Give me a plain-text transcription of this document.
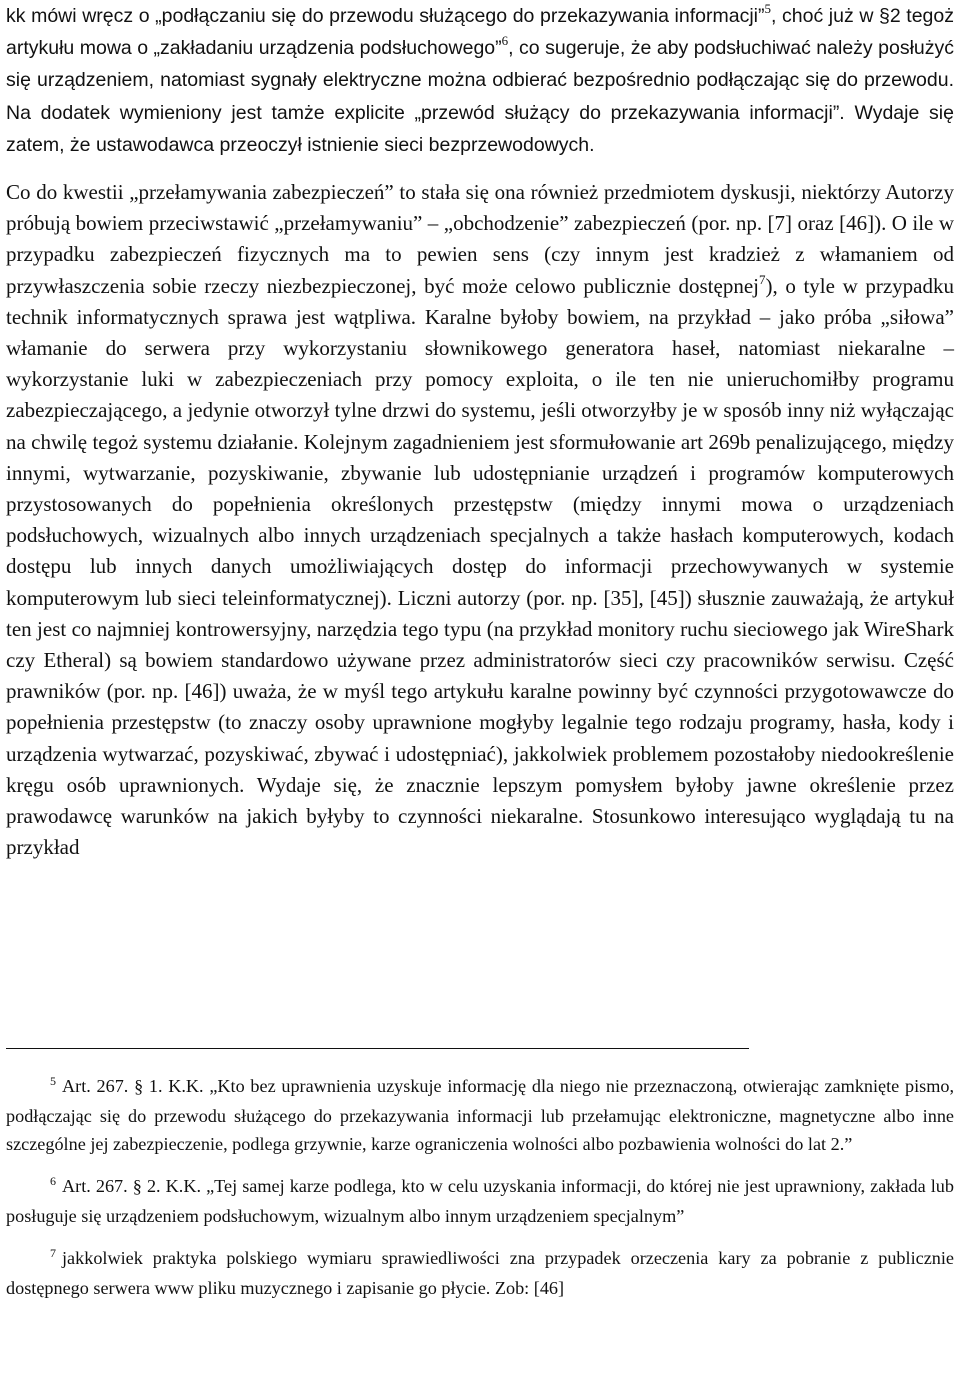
kk mówi wręcz o „podłączaniu się do przewodu służącego do przekazywania informacji”$^5$, choć już w §2 tegoż artykułu mowa o „zakładaniu urządzenia podsłuchowego”$^6$, co sugeruje, że aby podsłuchiwać należy posłużyć się urządzeniem, natomiast sygnały elektryczne można odbierać bezpośrednio podłączając się do przewodu. Na dodatek wymieniony jest tamże explicite „przewód służący do przekazywania informacji”. Wydaje się zatem, że ustawodawca przeoczył istnienie sieci bezprzewodowych.

Co do kwestii „przełamywania zabezpieczeń” to stała się ona również przedmiotem dyskusji, niektórzy Autorzy próbują bowiem przeciwstawić „przełamywaniu” – „obchodzenie” zabezpieczeń (por. np. [7] oraz [46]). O ile w przypadku zabezpieczeń fizycznych ma to pewien sens (czy innym jest kradzież z włamaniem od przywłaszczenia sobie rzeczy niezbezpieczonej, być może celowo publicznie dostępnej$^7$), o tyle w przypadku technik informatycznych sprawa jest wątpliwa. Karalne byłoby bowiem, na przykład – jako próba „siłowa” włamanie do serwera przy wykorzystaniu słownikowego generatora haseł, natomiast niekaralne – wykorzystanie luki w zabezpieczeniach przy pomocy exploita, o ile ten nie unieruchomiłby programu zabezpieczającego, a jedynie otworzył tylne drzwi do systemu, jeśli otworzyłby je w sposób inny niż wyłączając na chwilę tegoż systemu działanie. Kolejnym zagadnieniem jest sformułowanie art 269b penalizującego, między innymi, wytwarzanie, pozyskiwanie, zbywanie lub udostępnianie urządzeń i programów komputerowych przystosowanych do popełnienia określonych przestępstw (między innymi mowa o urządzeniach podsłuchowych, wizualnych albo innych urządzeniach specjalnych a także hasłach komputerowych, kodach dostępu lub innych danych umożliwiających dostęp do informacji przechowywanych w systemie komputerowym lub sieci teleinformatycznej). Liczni autorzy (por. np. [35], [45]) słusznie zauważają, że artykuł ten jest co najmniej kontrowersyjny, narzędzia tego typu (na przykład monitory ruchu sieciowego jak WireShark czy Etheral) są bowiem standardowo używane przez administratorów sieci czy pracowników serwisu. Część prawników (por. np. [46]) uważa, że w myśl tego artykułu karalne powinny być czynności przygotowawcze do popełnienia przestępstw (to znaczy osoby uprawnione mogłyby legalnie tego rodzaju programy, hasła, kody i urządzenia wytwarzać, pozyskiwać, zbywać i udostępniać), jakkolwiek problemem pozostałoby niedookreślenie kręgu osób uprawnionych. Wydaje się, że znacznie lepszym pomysłem byłoby jawne określenie przez prawodawcę warunków na jakich byłyby to czynności niekaralne. Stosunkowo interesująco wyglądają tu na przykład

$^5$ Art. 267. § 1. K.K. „Kto bez uprawnienia uzyskuje informację dla niego nie przeznaczoną, otwierając zamknięte pismo, podłączając się do przewodu służącego do przekazywania informacji lub przełamując elektroniczne, magnetyczne albo inne szczególne jej zabezpieczenie, podlega grzywnie, karze ograniczenia wolności albo pozbawienia wolności do lat 2.”

$^6$ Art. 267. § 2. K.K. „Tej samej karze podlega, kto w celu uzyskania informacji, do której nie jest uprawniony, zakłada lub posługuje się urządzeniem podsłuchowym, wizualnym albo innym urządzeniem specjalnym”

$^7$ jakkolwiek praktyka polskiego wymiaru sprawiedliwości zna przypadek orzeczenia kary za pobranie z publicznie dostępnego serwera www pliku muzycznego i zapisanie go płycie. Zob: [46]
